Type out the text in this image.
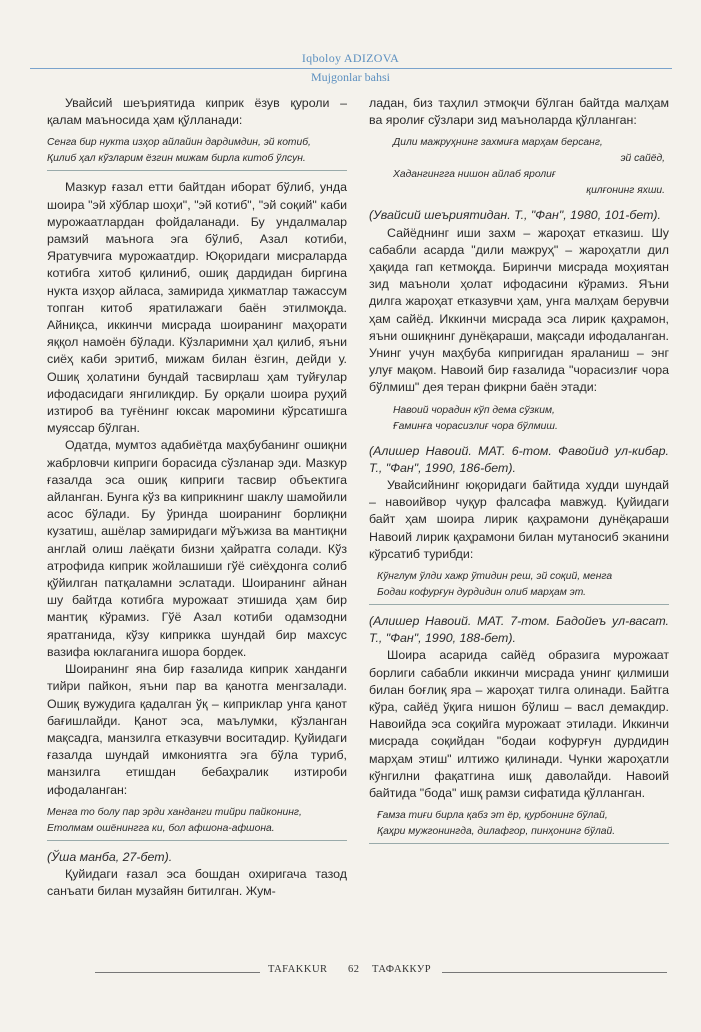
Iqboloy ADIZOVA
Mujgonlar bahsi

Увайсий шеъриятида киприк ёзув қуроли – қалам маъносида ҳам қўлланади:

Сенга бир нукта изҳор айлайин дардимдин, эй котиб,
Қилиб ҳал кўзларим ёзгин мижам бирла китоб ўлсун.

Мазкур ғазал етти байтдан иборат бўлиб, унда шоира "эй хўблар шоҳи", "эй котиб", "эй соқий" каби мурожаатлардан фойдаланади. Бу ундалмалар рамзий маънога эга бўлиб, Азал котиби, Яратувчига мурожаатдир. Юқоридаги мисраларда котибга хитоб қилиниб, ошиқ дардидан биргина нукта изҳор айласа, замирида ҳикматлар тажассум топган китоб яратилажаги баён этилмоқда. Айниқса, иккинчи мисрада шоиранинг маҳорати яққол намоён бўлади. Кўзларимни ҳал қилиб, яъни сиёҳ каби эритиб, мижам билан ёзгин, дейди у. Ошиқ ҳолатини бундай тасвирлаш ҳам туйғулар ифодасидаги янгиликдир. Бу орқали шоира руҳий изтироб ва туғёнинг юксак маромини кўрсатишга муяссар бўлган.

Одатда, мумтоз адабиётда маҳбубанинг ошиқни жабрловчи киприги борасида сўзланар эди. Мазкур ғазалда эса ошиқ киприги тасвир объектига айланган. Бунга кўз ва киприкнинг шаклу шамойили асос бўлади. Бу ўринда шоиранинг борлиқни кузатиш, ашёлар замиридаги мўъжиза ва мантиқни англай олиш лаёқати бизни ҳайратга солади. Кўз атрофида киприк жойлашиши гўё сиёҳдонга солиб қўйилган патқаламни эслатади. Шоиранинг айнан шу байтда котибга мурожаат этишида ҳам бир мантиқ кўрамиз. Гўё Азал котиби одамзодни яратганида, кўзу киприкка шундай бир махсус вазифа юклаганига ишора бордек.

Шоиранинг яна бир ғазалида киприк ханданги тийри пайкон, яъни пар ва қанотга менгзалади. Ошиқ вужудига қадалган ўқ – киприклар унга қанот бағишлайди. Қанот эса, маълумки, кўзланган мақсадга, манзилга етказувчи воситадир. Қуйидаги ғазалда шундай имкониятга эга бўла туриб, манзилга етишдан бебаҳралик изтироби ифодаланган:

Менга то болу пар эрди ханданги тийри пайконинг,
Етолмам ошёнингга ки, бол афшона-афшона.

(Ўша манба, 27-бет).

Қуйидаги ғазал эса бошдан охиригача тазод санъати билан музайян битилган. Жум-

ладан, биз таҳлил этмоқчи бўлган байтда малҳам ва яролиғ сўзлари зид маъноларда қўлланган:

Дили мажруҳнинг захмиға марҳам берсанг,
эй сайёд,
Хадангингга нишон айлаб яролиғ
қилғонинг яхши.

(Увайсий шеъриятидан. Т., "Фан", 1980, 101-бет).

Сайёднинг иши захм – жароҳат етказиш. Шу сабабли асарда "дили мажруҳ" – жароҳатли дил ҳақида гап кетмоқда. Биринчи мисрада моҳиятан зид маъноли ҳолат ифодасини кўрамиз. Яъни дилга жароҳат етказувчи ҳам, унга малҳам берувчи ҳам сайёд. Иккинчи мисрада эса лирик қаҳрамон, яъни ошиқнинг дунёқараши, мақсади ифодаланган. Унинг учун маҳбуба кипригидан яраланиш – энг улуғ мақом. Навоий бир ғазалида "чорасизлиғ чора бўлмиш" дея теран фикрни баён этади:

Навоий чорадин кўп дема сўзким,
Ғаминға чорасизлиғ чора бўлмиш.

(Алишер Навоий. МАТ. 6-том. Фавойид ул-кибар. Т., "Фан", 1990, 186-бет).

Увайсийнинг юқоридаги байтида худди шундай – навоийвор чуқур фалсафа мавжуд. Қуйидаги байт ҳам шоира лирик қаҳрамони дунёқараши Навоий лирик қаҳрамони билан мутаносиб эканини кўрсатиб турибди:

Кўнглум ўлди хажр ўтидин реш, эй соқий, менга
Бодаи кофурғун дурдидин олиб марҳам эт.

(Алишер Навоий. МАТ. 7-том. Бадойеъ ул-васат. Т., "Фан", 1990, 188-бет).

Шоира асарида сайёд образига мурожаат борлиги сабабли иккинчи мисрада унинг қилмиши билан боғлиқ яра – жароҳат тилга олинади. Байтга кўра, сайёд ўқига нишон бўлиш – васл демакдир. Навоийда эса соқийга мурожаат этилади. Иккинчи мисрада соқийдан "бодаи кофурғун дурдидин марҳам этиш" илтижо қилинади. Чунки жароҳатли кўнгилни фақатгина ишқ даволайди. Навоий байтида "бода" ишқ рамзи сифатида қўлланган.

Ғамза тиғи бирла қабз эт ёр, қурбонинг бўлай,
Қаҳри мужгонингда, дилафгор, пинҳонинг бўлай.
TAFAKKUR 62 ТАФАККУР
